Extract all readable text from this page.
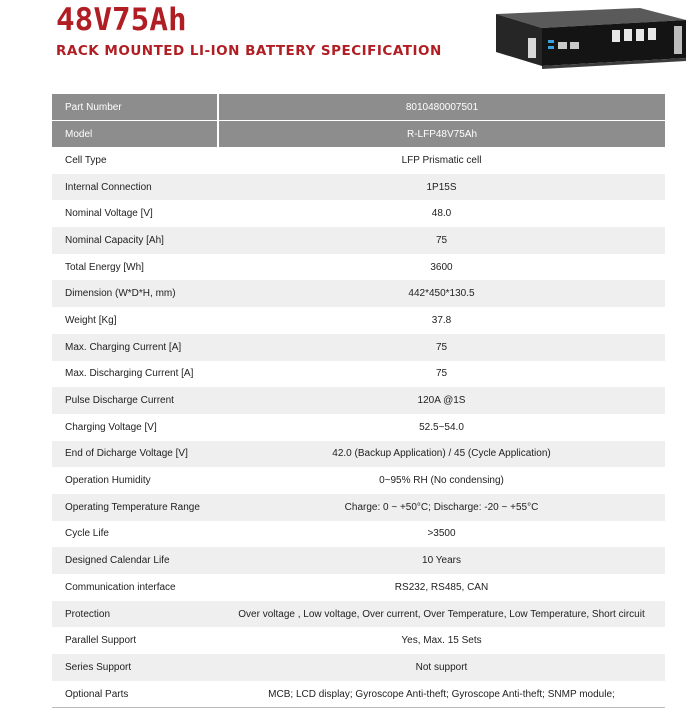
48V75Ah
RACK MOUNTED LI-ION BATTERY SPECIFICATION
Part Number	8010480007501
Model	R-LFP48V75Ah
Cell Type	LFP Prismatic cell
Internal Connection	1P15S
Nominal Voltage [V]	48.0
Nominal Capacity [Ah]	75
Total Energy [Wh]	3600
Dimension (W*D*H, mm)	442*450*130.5
Weight [Kg]	37.8
Max. Charging Current [A]	75
Max. Discharging Current [A]	75
Pulse Discharge Current	120A @1S
Charging Voltage [V]	52.5~54.0
End of Dicharge Voltage [V]	42.0 (Backup Application) / 45 (Cycle Application)
Operation Humidity	0~95% RH (No condensing)
Operating Temperature Range	Charge: 0 ~ +50°C; Discharge: -20 ~ +55°C
Cycle Life	>3500
Designed Calendar Life	10 Years
Communication interface	RS232, RS485, CAN
Protection	Over voltage , Low voltage, Over current, Over Temperature, Low Temperature, Short circuit
Parallel Support	Yes, Max. 15 Sets
Series Support	Not support
Optional Parts	MCB; LCD display; Gyroscope Anti-theft; Gyroscope Anti-theft; SNMP module;
